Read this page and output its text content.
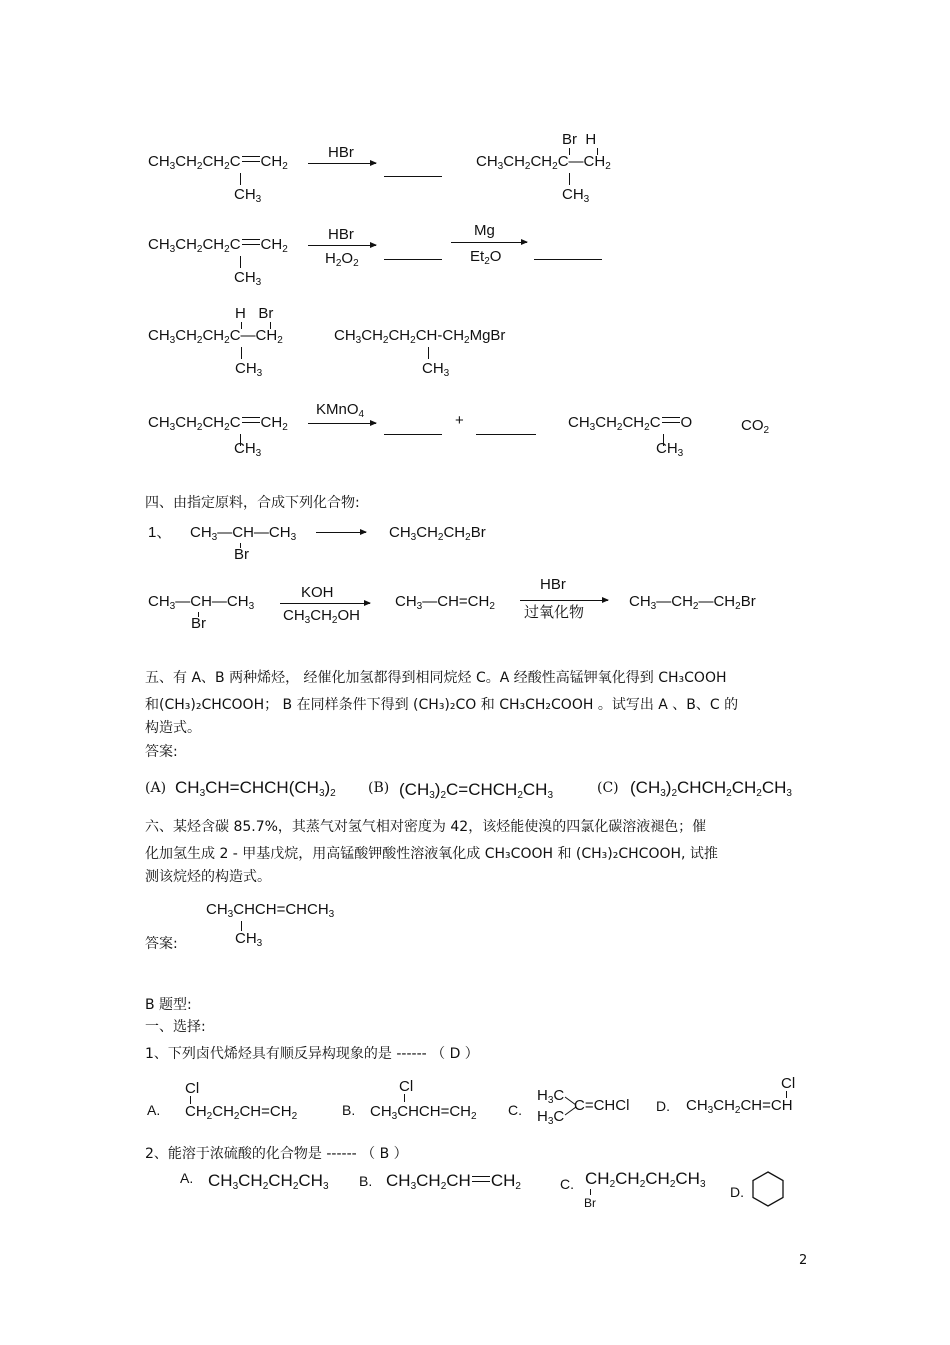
$CH_3CH_2CH_2C$ $CH_2$
$CH_3$
HBr
Br  H
$CH_3CH_2CH_2C—CH_2$
$CH_3$
$CH_3CH_2CH_2C$ $CH_2$
$CH_3$
HBr
$H_2O_2$
Mg
$Et_2O$
H   Br
$CH_3CH_2CH_2C—CH_2$
$CH_3$
$CH_3CH_2CH_2CH-CH_2MgBr$
$CH_3$
$CH_3CH_2CH_2C$ $CH_2$
$CH_3$
KMnO$_4$	+	$CH_3CH_2CH_2C$ O
$CH_3$
$CO_2$
四、由指定原料，合成下列化合物:
1、 $CH_3—CH—CH_3$
Br
$CH_3CH_2CH_2Br$
$CH_3—CH—CH_3$
Br
KOH
$CH_3CH_2OH$
$CH_3—CH=CH_2$
HBr
过氧化物
$CH_3—CH_2—CH_2Br$
五、有 A、B 两种烯烃， 经催化加氢都得到相同烷烃 C。A 经酸性高锰钾氧化得到 CH₃COOH
和(CH₃)₂CHCOOH； B 在同样条件下得到 (CH₃)₂CO 和 CH₃CH₂COOH 。试写出 A 、B、C 的
构造式。
答案:
(A) $CH_3CH=CHCH(CH_3)_2$ (B) $(CH_3)_2C=CHCH_2CH_3$	(C) $(CH_3)_2CHCH_2CH_2CH_3$
六、某烃含碳 85.7%，其蒸气对氢气相对密度为 42，该烃能使溴的四氯化碳溶液褪色；催
化加氢生成 2 - 甲基戊烷，用高锰酸钾酸性溶液氧化成 CH₃COOH 和 (CH₃)₂CHCOOH, 试推
测该烷烃的构造式。
$CH_3CHCH=CHCH_3$
$CH_3$
答案:
B 题型:
一、选择:
1、下列卤代烯烃具有顺反异构现象的是 ------ （ D ）
A.
Cl
$CH_2CH_2CH=CH_2$	B.
Cl
$CH_3CHCH=CH_2$ C.
$H_3C$
$H_3C$
C=CHCl D.
Cl
$CH_3CH_2CH=CH$
2、能溶于浓硫酸的化合物是 ------ （ B ）
A. $CH_3CH_2CH_2CH_3$ B. $CH_3CH_2CH$ $CH_2$	C. $CH_2CH_2CH_2CH_3$
Br
D.
2
